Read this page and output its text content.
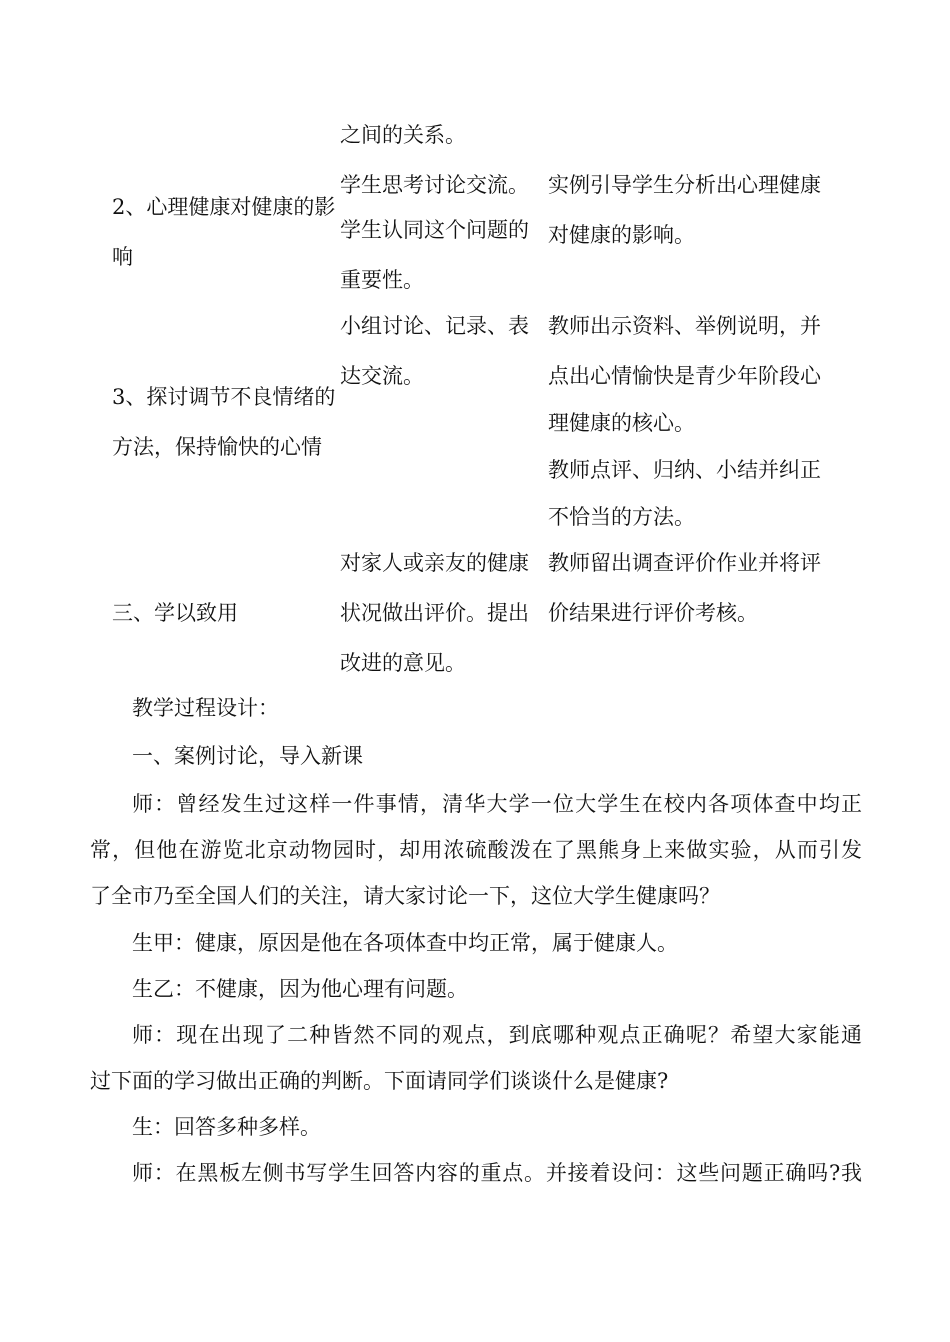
之间的关系。

2、心理健康对健康的影

响

学生思考讨论交流。

学生认同这个问题的

重要性。

实例引导学生分析出心理健康

对健康的影响。

3、探讨调节不良情绪的

方法，保持愉快的心情

小组讨论、记录、表

达交流。

教师出示资料、举例说明，并

点出心情愉快是青少年阶段心

理健康的核心。

教师点评、归纳、小结并纠正

不恰当的方法。

三、学以致用

对家人或亲友的健康

状况做出评价。提出

改进的意见。

教师留出调查评价作业并将评

价结果进行评价考核。

教学过程设计：

一、案例讨论，导入新课

师：曾经发生过这样一件事情，清华大学一位大学生在校内各项体查中均正

常，但他在游览北京动物园时，却用浓硫酸泼在了黑熊身上来做实验，从而引发

了全市乃至全国人们的关注，请大家讨论一下，这位大学生健康吗？

生甲：健康，原因是他在各项体查中均正常，属于健康人。

生乙：不健康，因为他心理有问题。

师：现在出现了二种皆然不同的观点，到底哪种观点正确呢？希望大家能通

过下面的学习做出正确的判断。下面请同学们谈谈什么是健康?

生：回答多种多样。

师：在黑板左侧书写学生回答内容的重点。并接着设问：这些问题正确吗?我
